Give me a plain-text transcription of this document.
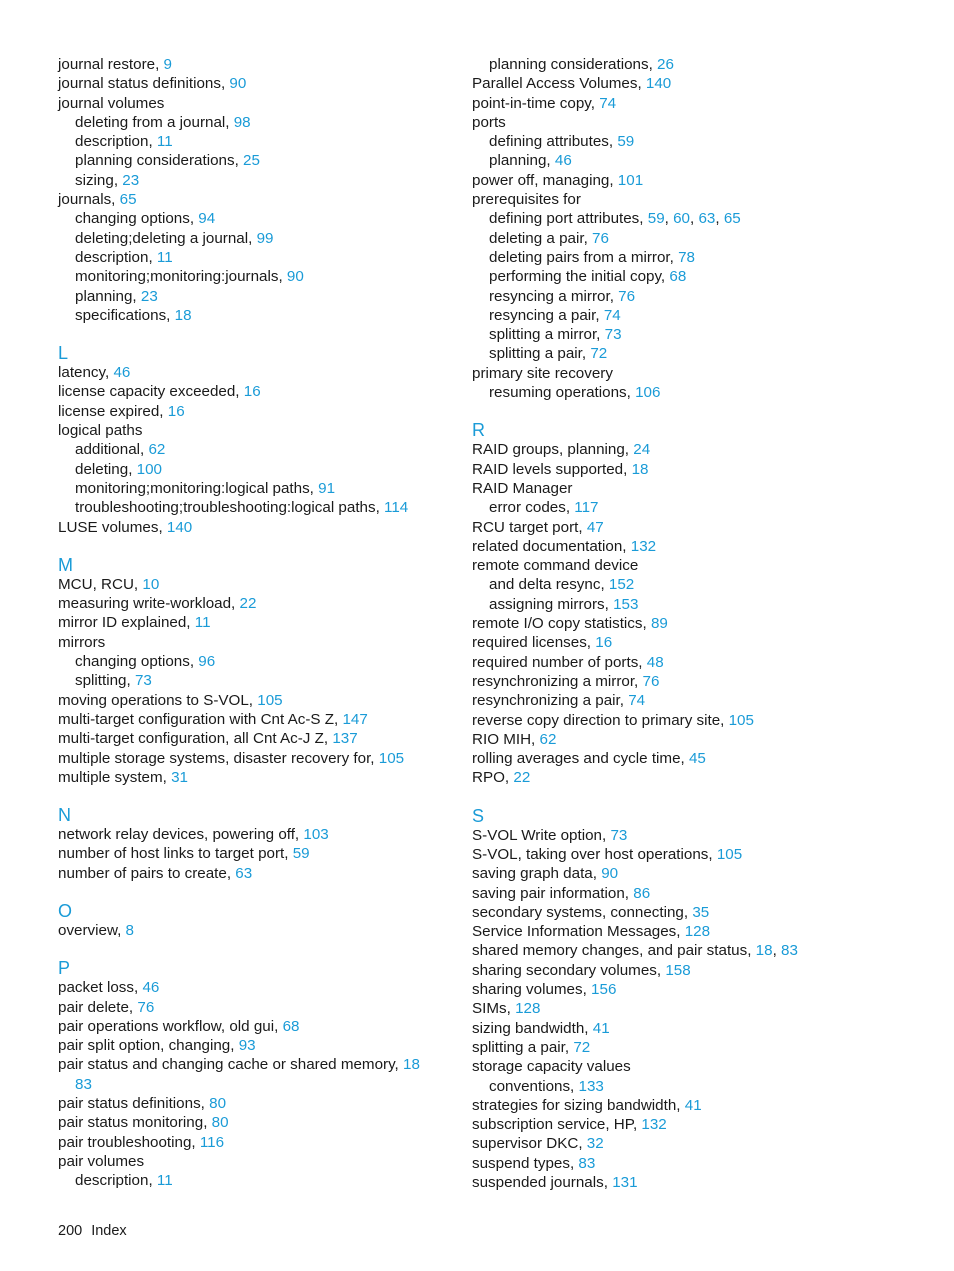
journal restore, 9
journal status definitions, 90
journal volumes
deleting from a journal, 98
description, 11
planning considerations, 25
sizing, 23
journals, 65
changing options, 94
deleting;deleting a journal, 99
description, 11
monitoring;monitoring:journals, 90
planning, 23
specifications, 18
L
latency, 46
license capacity exceeded, 16
license expired, 16
logical paths
additional, 62
deleting, 100
monitoring;monitoring:logical paths, 91
troubleshooting;troubleshooting:logical paths, 114
LUSE volumes, 140
M
MCU, RCU, 10
measuring write-workload, 22
mirror ID explained, 11
mirrors
changing options, 96
splitting, 73
moving operations to S-VOL, 105
multi-target configuration with Cnt Ac-S Z, 147
multi-target configuration, all Cnt Ac-J Z, 137
multiple storage systems, disaster recovery for, 105
multiple system, 31
N
network relay devices, powering off, 103
number of host links to target port, 59
number of pairs to create, 63
O
overview, 8
P
packet loss, 46
pair delete, 76
pair operations workflow, old gui, 68
pair split option, changing, 93
pair status and changing cache or shared memory, 18
83
pair status definitions, 80
pair status monitoring, 80
pair troubleshooting, 116
pair volumes
description, 11
planning considerations, 26
Parallel Access Volumes, 140
point-in-time copy, 74
ports
defining attributes, 59
planning, 46
power off, managing, 101
prerequisites for
defining port attributes, 59, 60, 63, 65
deleting a pair, 76
deleting pairs from a mirror, 78
performing the initial copy, 68
resyncing a mirror, 76
resyncing a pair, 74
splitting a mirror, 73
splitting a pair, 72
primary site recovery
resuming operations, 106
R
RAID groups, planning, 24
RAID levels supported, 18
RAID Manager
error codes, 117
RCU target port, 47
related documentation, 132
remote command device
and delta resync, 152
assigning mirrors, 153
remote I/O copy statistics, 89
required licenses, 16
required number of ports, 48
resynchronizing a mirror, 76
resynchronizing a pair, 74
reverse copy direction to primary site, 105
RIO MIH, 62
rolling averages and cycle time, 45
RPO, 22
S
S-VOL Write option, 73
S-VOL, taking over host operations, 105
saving graph data, 90
saving pair information, 86
secondary systems, connecting, 35
Service Information Messages, 128
shared memory changes, and pair status, 18, 83
sharing secondary volumes, 158
sharing volumes, 156
SIMs, 128
sizing bandwidth, 41
splitting a pair, 72
storage capacity values
conventions, 133
strategies for sizing bandwidth, 41
subscription service, HP, 132
supervisor DKC, 32
suspend types, 83
suspended journals, 131
200 Index
